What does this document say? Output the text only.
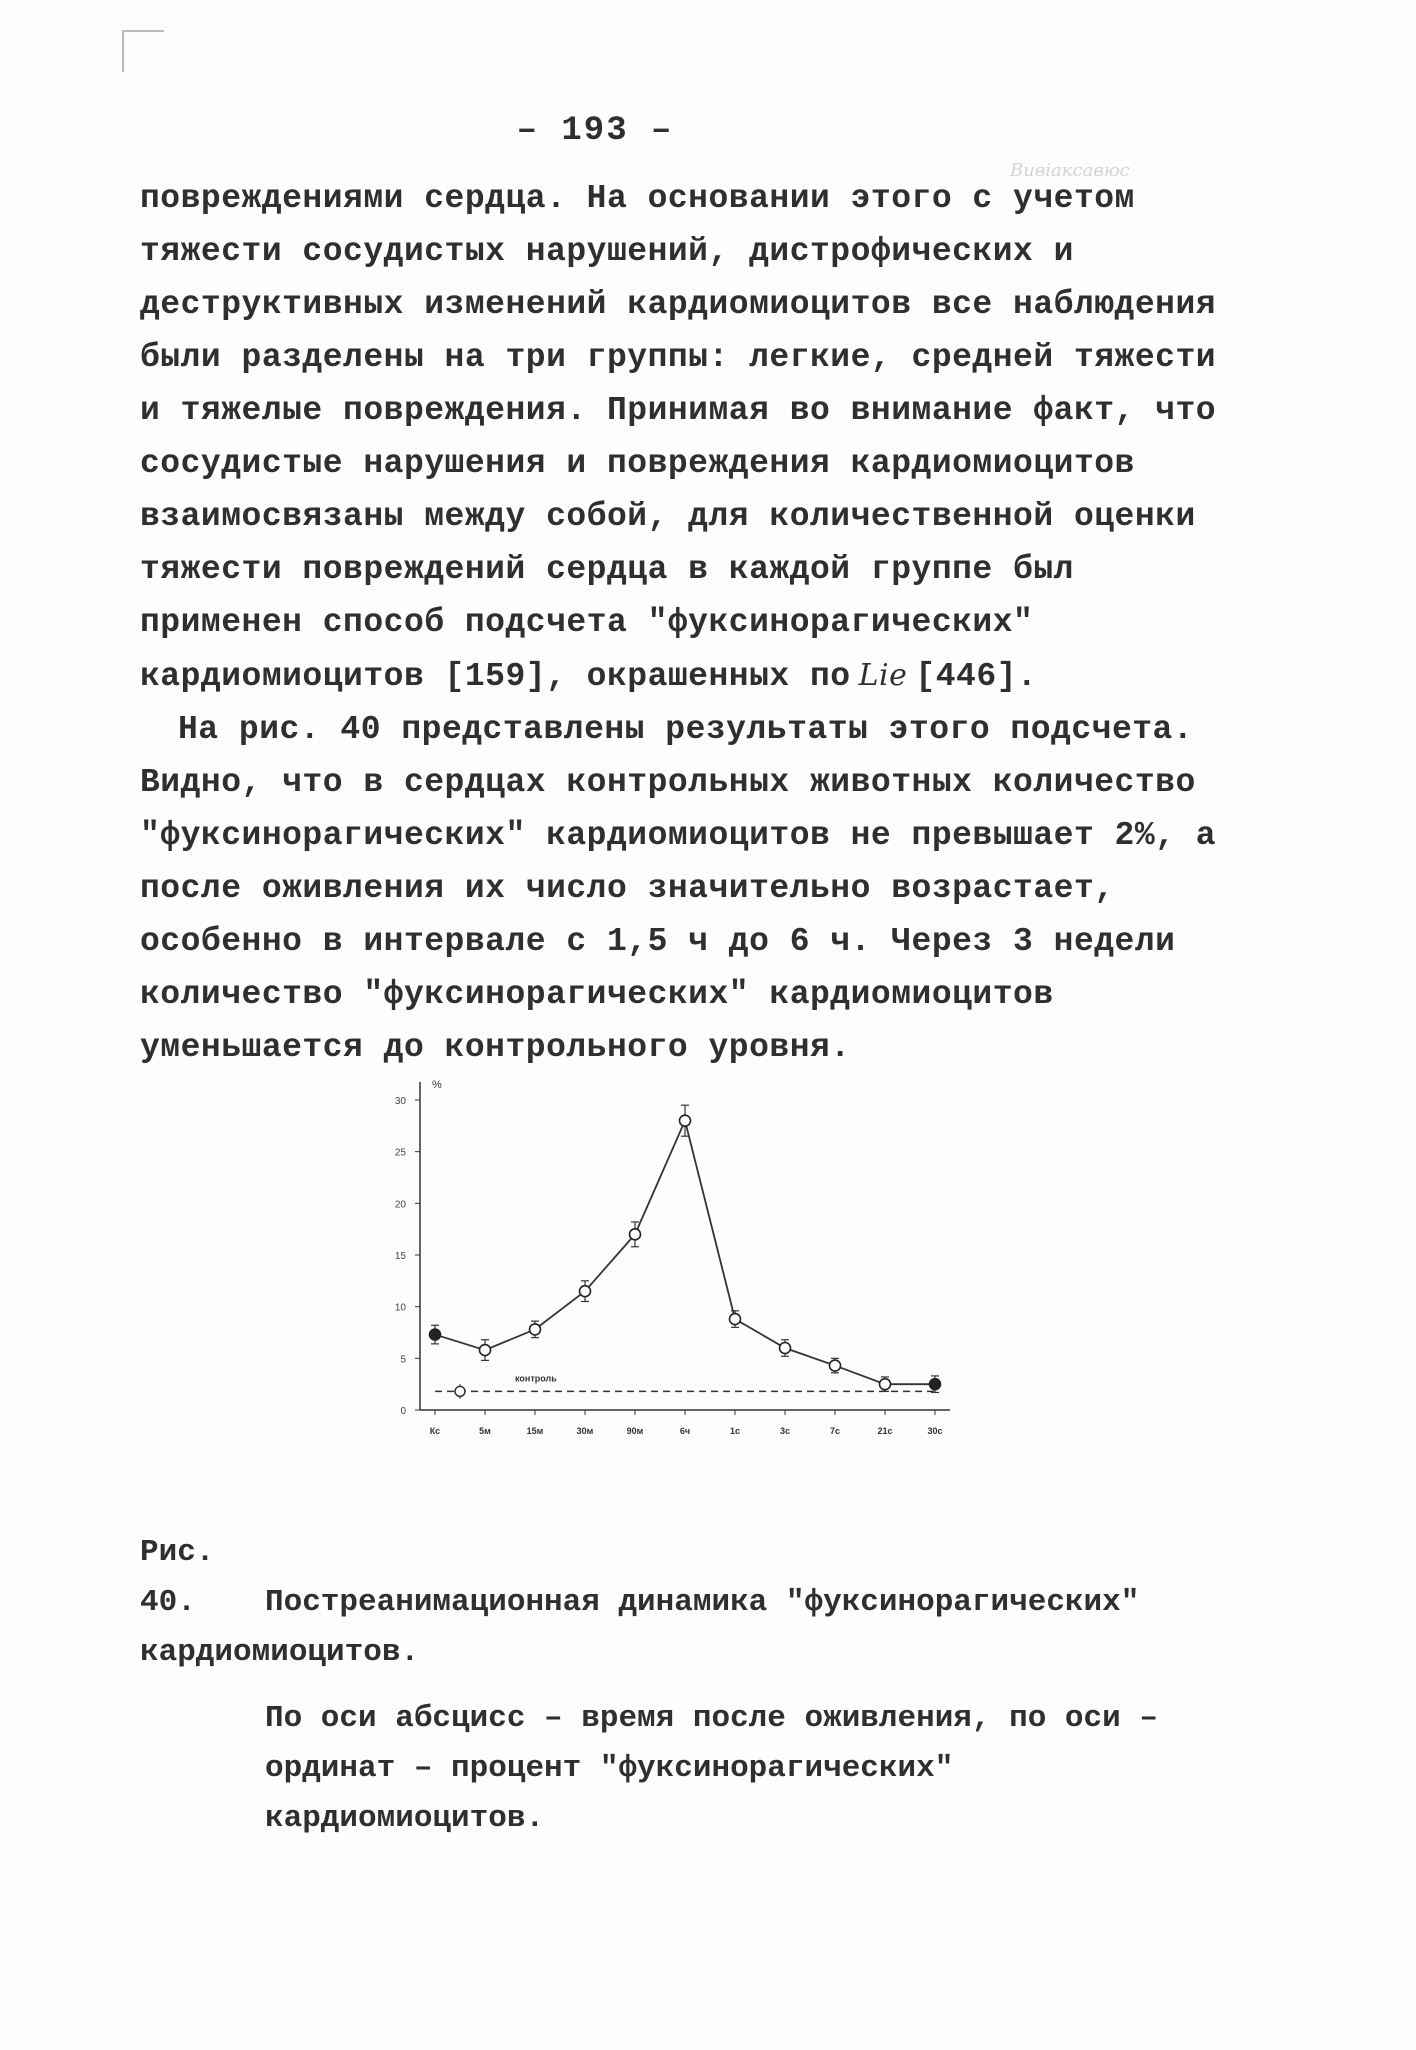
Вивіаксавюс
– 193 –

повреждениями сердца. На основании этого с учетом тяжести сосудистых нарушений, дистрофических и деструктивных изменений кардиомиоцитов все наблюдения были разделены на три группы: легкие, средней тяжести и тяжелые повреждения. Принимая во внимание факт, что сосудистые нарушения и повреждения кардиомиоцитов взаимосвязаны между собой, для количественной оценки тяжести повреждений сердца в каждой группе был применен способ подсчета "фуксинорагических" кардиомиоцитов [159], окрашенных по Lie [446].

На рис. 40 представлены результаты этого подсчета. Видно, что в сердцах контрольных животных количество "фуксинорагических" кардиомиоцитов не превышает 2%, а после оживления их число значительно возрастает, особенно в интервале с 1,5 ч до 6 ч. Через 3 недели количество "фуксинорагических" кардиомиоцитов уменьшается до контрольного уровня.

%
0
5
10
15
20
25
30
Кс	5м	15м	30м	90м	6ч	1с	3с	7с	21с	30с
контроль
Рис. 40. Постреанимационная динамика "фуксинорагических" кардиомиоцитов.
По оси абсцисс – время после оживления, по оси – ординат – процент "фуксинорагических" кардиомиоцитов.
